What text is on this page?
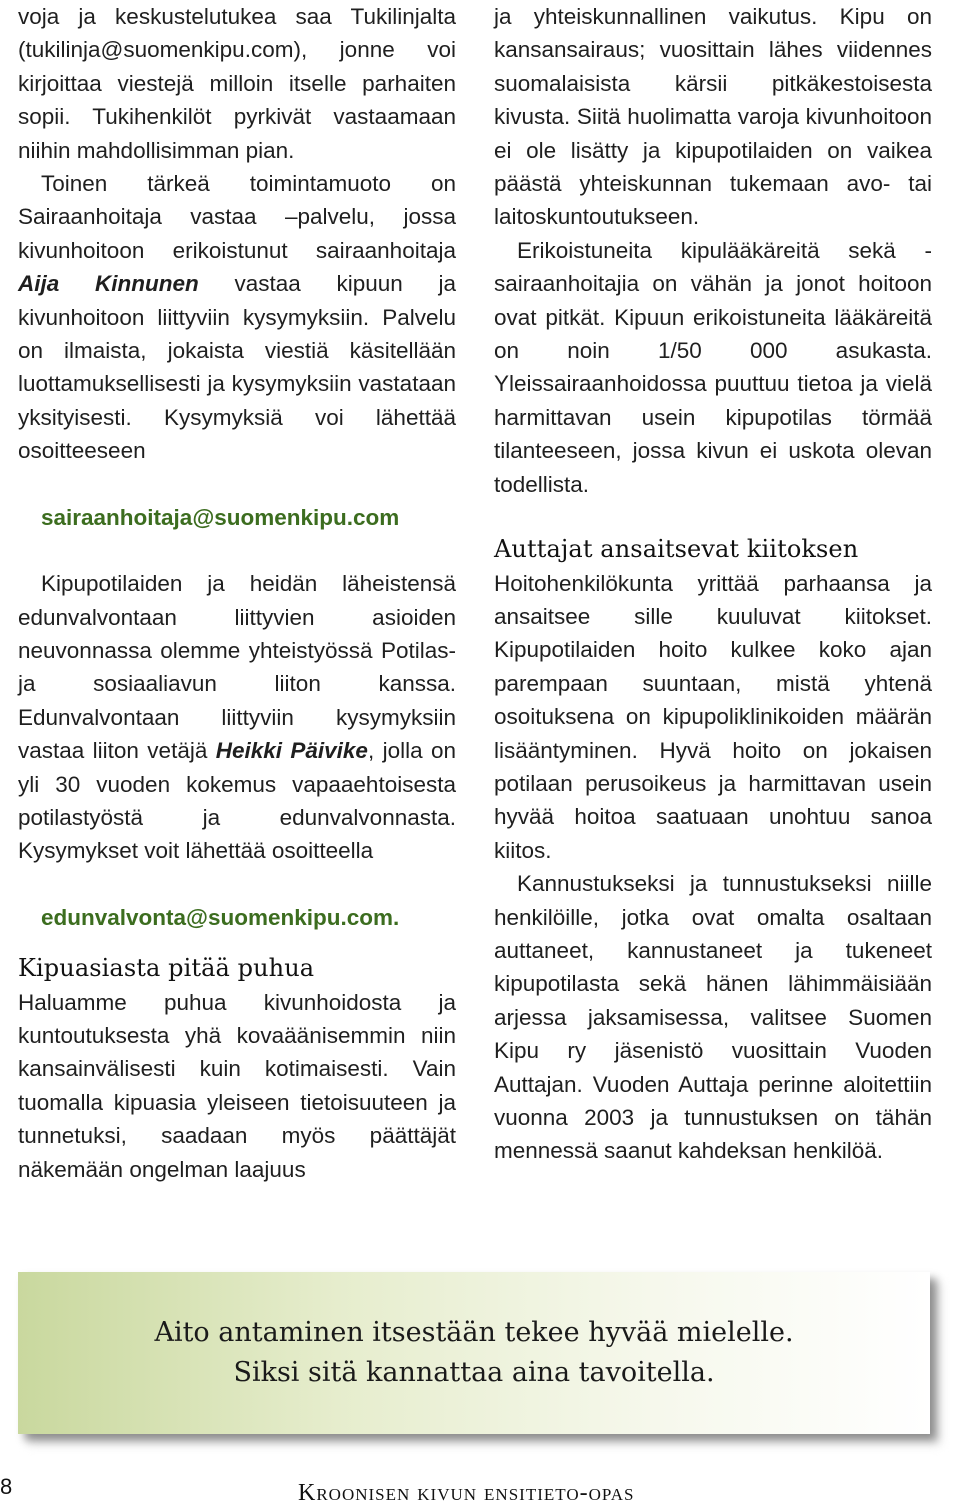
voja ja keskustelutukea saa Tukilinjalta (tukilinja@suomenkipu.com), jonne voi kirjoittaa viestejä milloin itselle parhaiten sopii. Tukihenkilöt pyrkivät vastaamaan niihin mahdollisimman pian.

Toinen tärkeä toimintamuoto on Sairaanhoitaja vastaa –palvelu, jossa kivunhoitoon erikoistunut sairaanhoitaja Aija Kinnunen vastaa kipuun ja kivunhoitoon liittyviin kysymyksiin. Palvelu on ilmaista, jokaista viestiä käsitellään luottamuksellisesti ja kysymyksiin vastataan yksityisesti. Kysymyksiä voi lähettää osoitteeseen

sairaanhoitaja@suomenkipu.com

Kipupotilaiden ja heidän läheistensä edunvalvontaan liittyvien asioiden neuvonnassa olemme yhteistyössä Potilas- ja sosiaaliavun liiton kanssa. Edunvalvontaan liittyviin kysymyksiin vastaa liiton vetäjä Heikki Päivike, jolla on yli 30 vuoden kokemus vapaaehtoisesta potilastyöstä ja edunvalvonnasta. Kysymykset voit lähettää osoitteella

edunvalvonta@suomenkipu.com.

Kipuasiasta pitää puhua

Haluamme puhua kivunhoidosta ja kuntoutuksesta yhä kovaäänisemmin niin kansainvälisesti kuin kotimaisesti. Vain tuomalla kipuasia yleiseen tietoisuuteen ja tunnetuksi, saadaan myös päättäjät näkemään ongelman laajuus

ja yhteiskunnallinen vaikutus. Kipu on kansansairaus; vuosittain lähes viidennes suomalaisista kärsii pitkäkestoisesta kivusta. Siitä huolimatta varoja kivunhoitoon ei ole lisätty ja kipupotilaiden on vaikea päästä yhteiskunnan tukemaan avo- tai laitoskuntoutukseen.

Erikoistuneita kipulääkäreitä sekä -sairaanhoitajia on vähän ja jonot hoitoon ovat pitkät. Kipuun erikoistuneita lääkäreitä on noin 1/50 000 asukasta. Yleissairaanhoidossa puuttuu tietoa ja vielä harmittavan usein kipupotilas törmää tilanteeseen, jossa kivun ei uskota olevan todellista.

Auttajat ansaitsevat kiitoksen

Hoitohenkilökunta yrittää parhaansa ja ansaitsee sille kuuluvat kiitokset. Kipupotilaiden hoito kulkee koko ajan parempaan suuntaan, mistä yhtenä osoituksena on kipupoliklinikoiden määrän lisääntyminen. Hyvä hoito on jokaisen potilaan perusoikeus ja harmittavan usein hyvää hoitoa saatuaan unohtuu sanoa kiitos.

Kannustukseksi ja tunnustukseksi niille henkilöille, jotka ovat omalta osaltaan auttaneet, kannustaneet ja tukeneet kipupotilasta sekä hänen lähimmäisiään arjessa jaksamisessa, valitsee Suomen Kipu ry jäsenistö vuosittain Vuoden Auttajan. Vuoden Auttaja perinne aloitettiin vuonna 2003 ja tunnustuksen on tähän mennessä saanut kahdeksan henkilöä.

Aito antaminen itsestään tekee hyvää mielelle.
Siksi sitä kannattaa aina tavoitella.
8	Kroonisen kivun ensitieto-opas
